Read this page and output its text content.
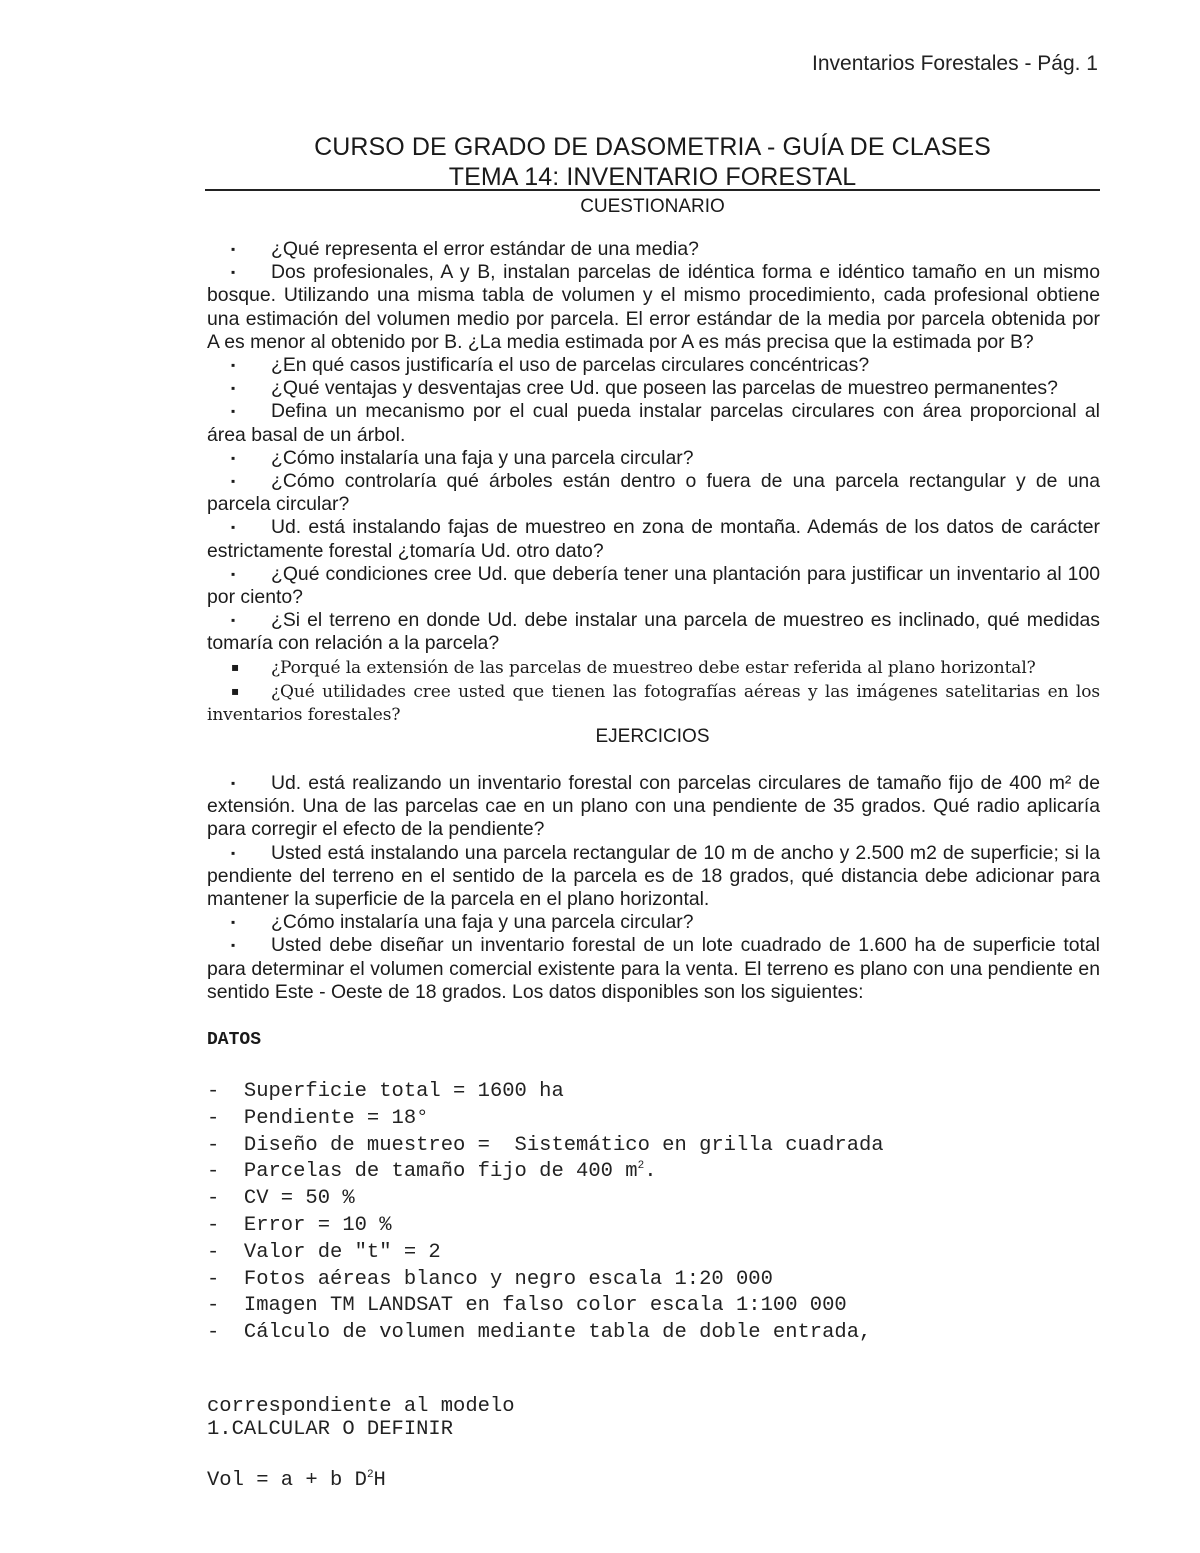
Inventarios Forestales - Pág. 1
CURSO DE GRADO DE DASOMETRIA - GUÍA DE CLASES
TEMA 14: INVENTARIO FORESTAL
CUESTIONARIO

▪ ¿Qué representa el error estándar de una media?

▪ Dos profesionales, A y B, instalan parcelas de idéntica forma e idéntico tamaño en un mismo bosque. Utilizando una misma tabla de volumen y el mismo procedimiento, cada profesional obtiene una estimación del volumen medio por parcela. El error estándar de la media por parcela obtenida por A es menor al obtenido por B. ¿La media estimada por A es más precisa que la estimada por B?

▪ ¿En qué casos justificaría el uso de parcelas circulares concéntricas?

▪ ¿Qué ventajas y desventajas cree Ud. que poseen las parcelas de muestreo permanentes?

▪ Defina un mecanismo por el cual pueda instalar parcelas circulares con área proporcional al área basal de un árbol.

▪ ¿Cómo instalaría una faja y una parcela circular?

▪ ¿Cómo controlaría qué árboles están dentro o fuera de una parcela rectangular y de una parcela circular?

▪ Ud. está instalando fajas de muestreo en zona de montaña. Además de los datos de carácter estrictamente forestal ¿tomaría Ud. otro dato?

▪ ¿Qué condiciones cree Ud. que debería tener una plantación para justificar un inventario al 100 por ciento?

▪ ¿Si el terreno en donde Ud. debe instalar una parcela de muestreo es inclinado, qué medidas tomaría con relación a la parcela?

▪ ¿Porqué la extensión de las parcelas de muestreo debe estar referida al plano horizontal?

▪ ¿Qué utilidades cree usted que tienen las fotografías aéreas y las imágenes satelitarias en los inventarios forestales?

EJERCICIOS

▪ Ud. está realizando un inventario forestal con parcelas circulares de tamaño fijo de 400 m² de extensión. Una de las parcelas cae en un plano con una pendiente de 35 grados. Qué radio aplicaría para corregir el efecto de la pendiente?

▪ Usted está instalando una parcela rectangular de 10 m de ancho y 2.500 m2 de superficie; si la pendiente del terreno en el sentido de la parcela es de 18 grados, qué distancia debe adicionar para mantener la superficie de la parcela en el plano horizontal.

▪ ¿Cómo instalaría una faja y una parcela circular?

▪ Usted debe diseñar un inventario forestal de un lote cuadrado de 1.600 ha de superficie total para determinar el volumen comercial existente para la venta. El terreno es plano con una pendiente en sentido Este - Oeste de 18 grados. Los datos disponibles son los siguientes:

DATOS
-  Superficie total = 1600 ha
-  Pendiente = 18°
-  Diseño de muestreo =  Sistemático en grilla cuadrada
-  Parcelas de tamaño fijo de 400 $m^2$.
-  CV = 50 %
-  Error = 10 %
-  Valor de "t" = 2
-  Fotos aéreas blanco y negro escala 1:20 000
-  Imagen TM LANDSAT en falso color escala 1:100 000
-  Cálculo de volumen mediante tabla de doble entrada,

correspondiente al modelo

Vol = a + b $D^2H$

1.CALCULAR O DEFINIR
